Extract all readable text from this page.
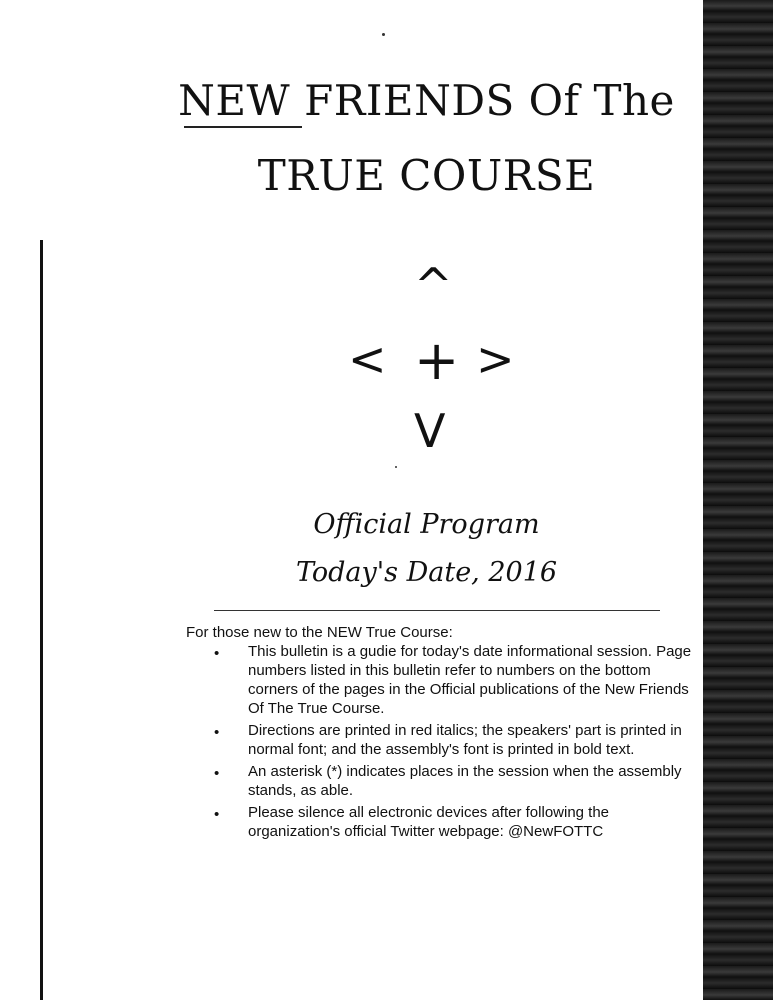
NEW FRIENDS Of The
TRUE COURSE
^
< + >
V
Official Program
Today's Date, 2016
For those new to the NEW True Course:
• This bulletin is a gudie for today's date informational session. Page numbers listed in this bulletin refer to numbers on the bottom corners of the pages in the Official publications of the New Friends Of The True Course.
• Directions are printed in red italics; the speakers' part is printed in normal font; and the assembly's font is printed in bold text.
• An asterisk (*) indicates places in the session when the assembly stands, as able.
• Please silence all electronic devices after following the organization's official Twitter webpage: @NewFOTTC
